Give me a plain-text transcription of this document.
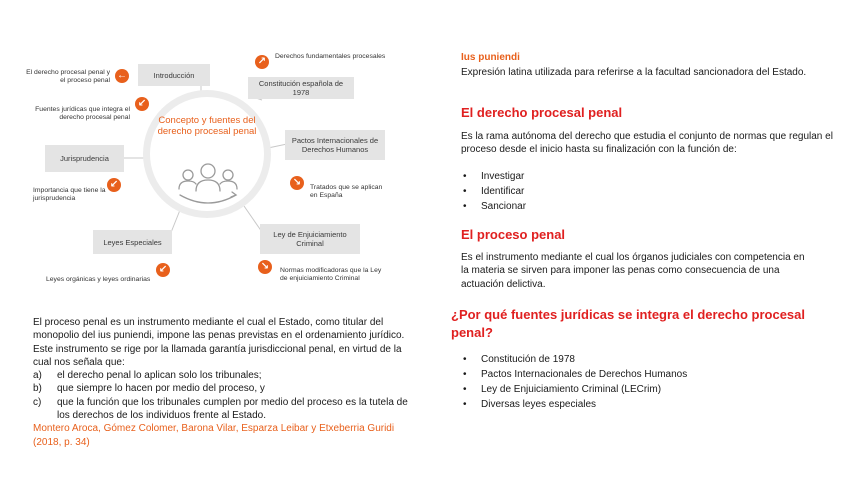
Concepto y fuentes del derecho procesal penal
Introducción
Constitución española de 1978
Pactos Internacionales de Derechos Humanos
Jurisprudencia
Leyes Especiales
Ley de Enjuiciamiento Criminal
↗
←
↙
↙	↘
↙	↘
Derechos fundamentales procesales
El derecho procesal penal y el proceso penal
Fuentes jurídicas que integra el derecho procesal penal
Importancia que tiene la jurisprudencia
Tratados que se aplican en España
Leyes orgánicas y leyes ordinarias
Normas modificadoras que la Ley de enjuiciamiento Criminal
El proceso penal es un instrumento mediante el cual el Estado, como titular del monopolio del ius puniendi, impone las penas previstas en el ordenamiento jurídico. Este instrumento se rige por la llamada garantía jurisdiccional penal, en virtud de la cual nos señala que:
a) el derecho penal lo aplican solo los tribunales;
b) que siempre lo hacen por medio del proceso, y
c) que la función que los tribunales cumplen por medio del proceso es la tutela de los derechos de los individuos frente al Estado.
Montero Aroca, Gómez Colomer, Barona Vilar, Esparza Leibar y Etxeberria Guridi (2018, p. 34)
Ius puniendi
Expresión latina utilizada para referirse a la facultad sancionadora del Estado.
El derecho procesal penal
Es la rama autónoma del derecho que estudia el conjunto de normas que regulan el proceso desde el inicio hasta su finalización con la función de:
• Investigar
• Identificar
• Sancionar
El proceso penal
Es el instrumento mediante el cual los órganos judiciales con competencia en la materia se sirven para imponer las penas como consecuencia de una actuación delictiva.
¿Por qué fuentes jurídicas se integra el derecho procesal penal?
• Constitución de 1978
• Pactos Internacionales de Derechos Humanos
• Ley de Enjuiciamiento Criminal (LECrim)
• Diversas leyes especiales
